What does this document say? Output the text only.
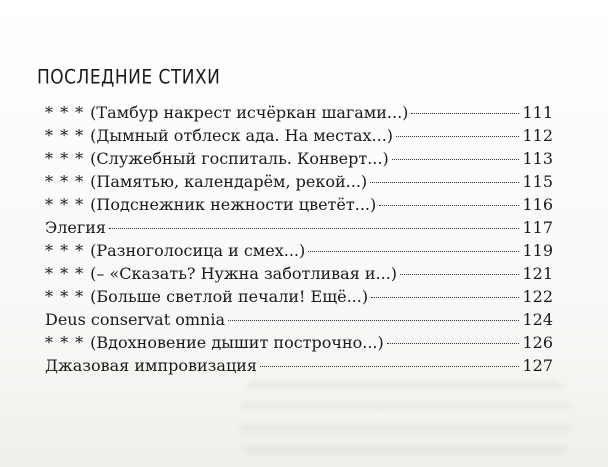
ПОСЛЕДНИЕ СТИХИ
* * * (Тамбур накрест исчёркан шагами...)	111
* * * (Дымный отблеск ада. На местах...)	112
* * * (Служебный госпиталь. Конверт...)	113
* * * (Памятью, календарём, рекой...)	115
* * * (Подснежник нежности цветёт...)	116
Элегия	117
* * * (Разноголосица и смех...)	119
* * * (– «Сказать? Нужна заботливая и...)	121
* * * (Больше светлой печали! Ещё...)	122
Deus conservat omnia	124
* * * (Вдохновение дышит построчно...)	126
Джазовая импровизация	127
